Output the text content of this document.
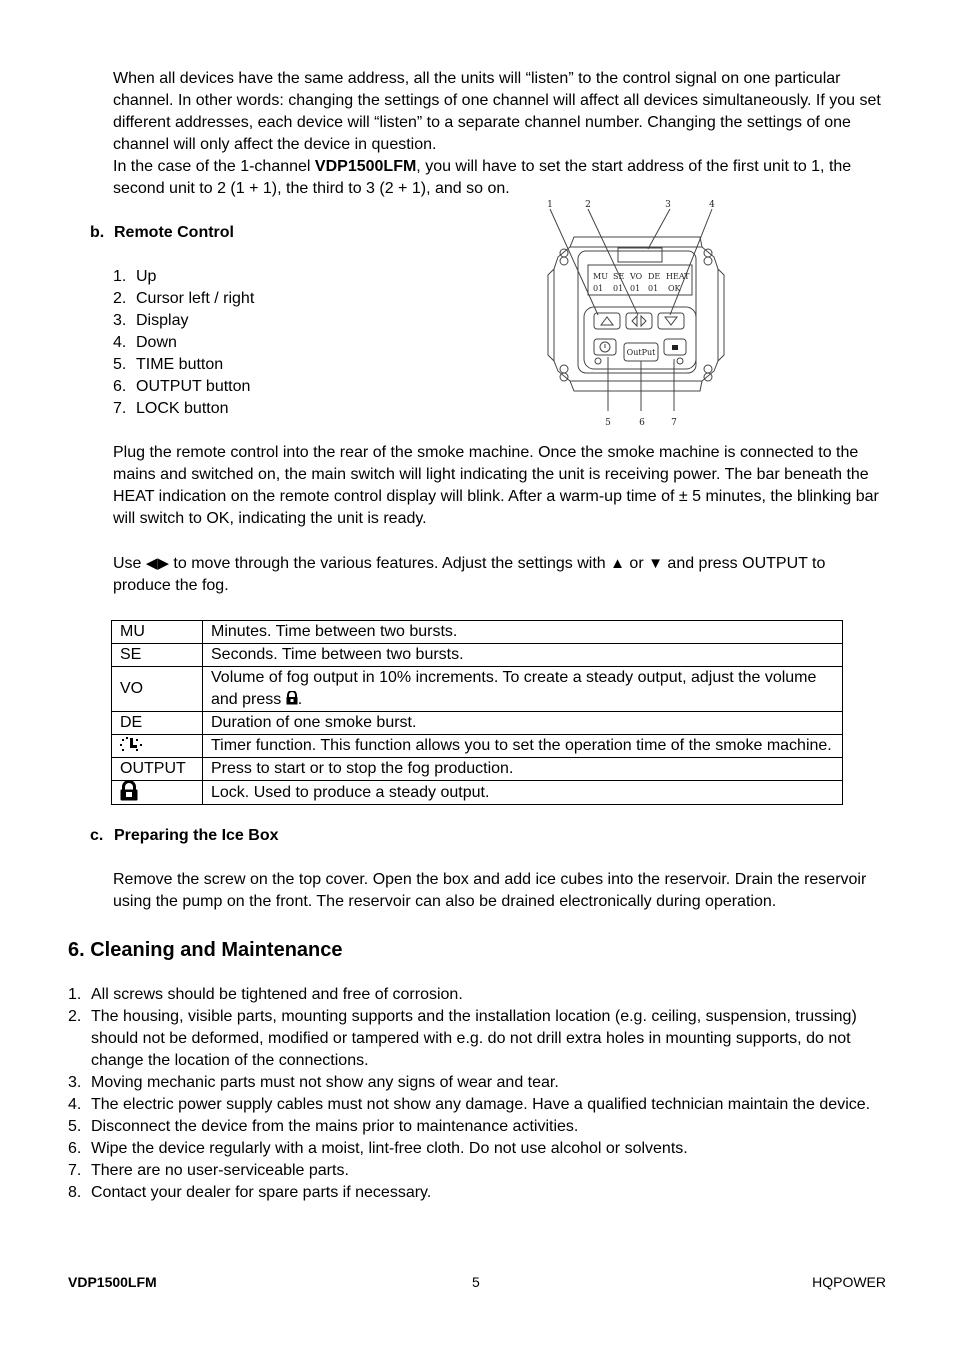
When all devices have the same address, all the units will “listen” to the control signal on one particular

channel. In other words: changing the settings of one channel will affect all devices simultaneously. If you set

different addresses, each device will “listen” to a separate channel number. Changing the settings of one

channel will only affect the device in question.

In the case of the 1-channel VDP1500LFM, you will have to set the start address of the first unit to 1, the

second unit to 2 (1 + 1), the third to 3 (2 + 1), and so on.

b. Remote Control
1. Up
2. Cursor left / right
3. Display
4. Down
5. TIME button
6. OUTPUT button
7. LOCK button
1	2	3	4
5	6	7
MU SE VO DE HEAT
01 01 01 01 OK
OutPut
Plug the remote control into the rear of the smoke machine. Once the smoke machine is connected to the
mains and switched on, the main switch will light indicating the unit is receiving power. The bar beneath the
HEAT indication on the remote control display will blink. After a warm-up time of ± 5 minutes, the blinking bar
will switch to OK, indicating the unit is ready.
Use ◀▶ to move through the various features. Adjust the settings with ▲ or ▼ and press OUTPUT to
produce the fog.
MU	Minutes. Time between two bursts.
SE	Seconds. Time between two bursts.
VO	Volume of fog output in 10% increments. To create a steady output, adjust the volume
and press .

DE	Duration of one smoke burst.
	Timer function. This function allows you to set the operation time of the smoke machine.
OUTPUT	Press to start or to stop the fog production.
	Lock. Used to produce a steady output.
c. Preparing the Ice Box
Remove the screw on the top cover. Open the box and add ice cubes into the reservoir. Drain the reservoir
using the pump on the front. The reservoir can also be drained electronically during operation.
6. Cleaning and Maintenance
1. All screws should be tightened and free of corrosion.
2. The housing, visible parts, mounting supports and the installation location (e.g. ceiling, suspension, trussing)
should not be deformed, modified or tampered with e.g. do not drill extra holes in mounting supports, do not
change the location of the connections.
3. Moving mechanic parts must not show any signs of wear and tear.
4. The electric power supply cables must not show any damage. Have a qualified technician maintain the device.
5. Disconnect the device from the mains prior to maintenance activities.
6. Wipe the device regularly with a moist, lint-free cloth. Do not use alcohol or solvents.
7. There are no user-serviceable parts.
8. Contact your dealer for spare parts if necessary.
VDP1500LFM	5	HQPOWER
